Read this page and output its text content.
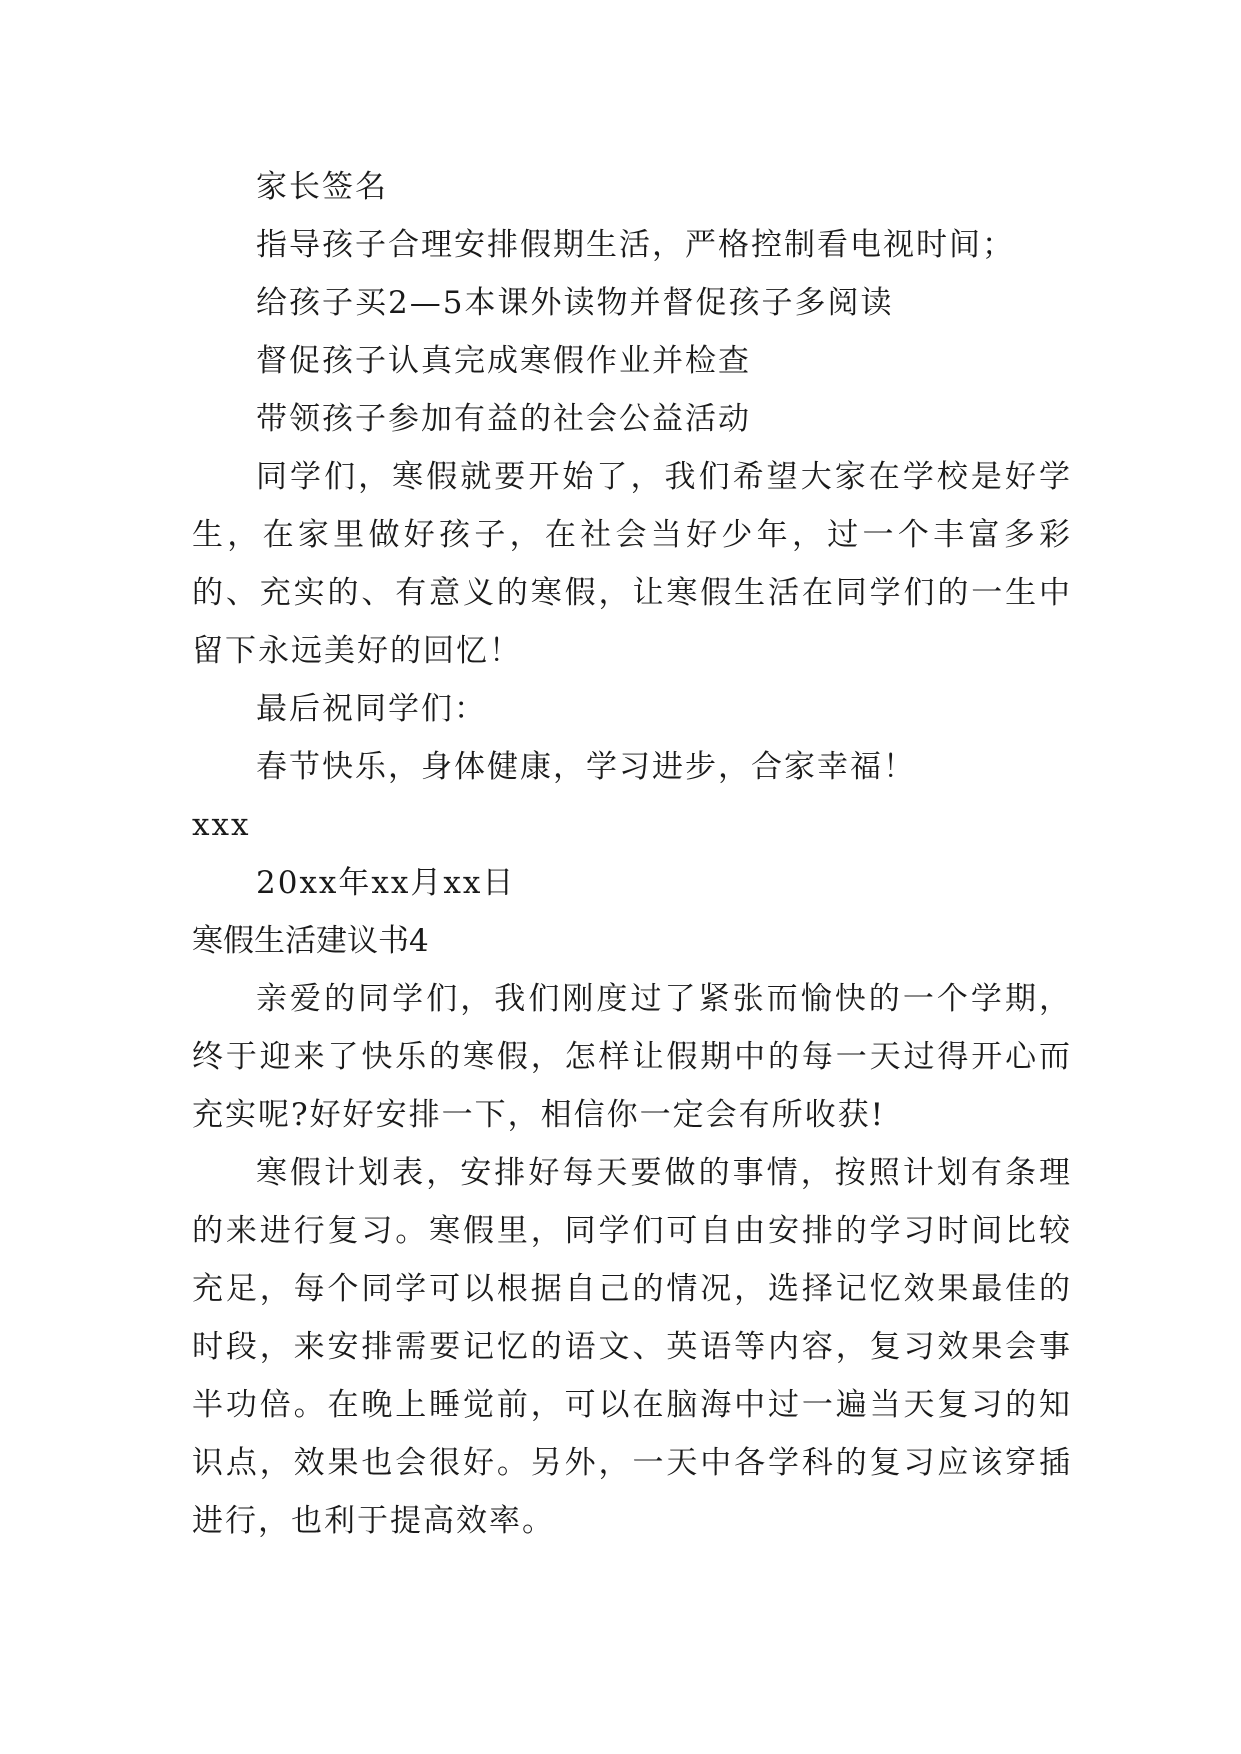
家长签名
指导孩子合理安排假期生活，严格控制看电视时间；
给孩子买2—5本课外读物并督促孩子多阅读
督促孩子认真完成寒假作业并检查
带领孩子参加有益的社会公益活动
同学们，寒假就要开始了，我们希望大家在学校是好学生，在家里做好孩子，在社会当好少年，过一个丰富多彩的、充实的、有意义的寒假，让寒假生活在同学们的一生中留下永远美好的回忆！
最后祝同学们：
春节快乐，身体健康，学习进步，合家幸福！
xxx
20xx年xx月xx日
寒假生活建议书4
亲爱的同学们，我们刚度过了紧张而愉快的一个学期，终于迎来了快乐的寒假，怎样让假期中的每一天过得开心而充实呢?好好安排一下，相信你一定会有所收获!
寒假计划表，安排好每天要做的事情，按照计划有条理的来进行复习。寒假里，同学们可自由安排的学习时间比较充足，每个同学可以根据自己的情况，选择记忆效果最佳的时段，来安排需要记忆的语文、英语等内容，复习效果会事半功倍。在晚上睡觉前，可以在脑海中过一遍当天复习的知识点，效果也会很好。另外，一天中各学科的复习应该穿插进行，也利于提高效率。
